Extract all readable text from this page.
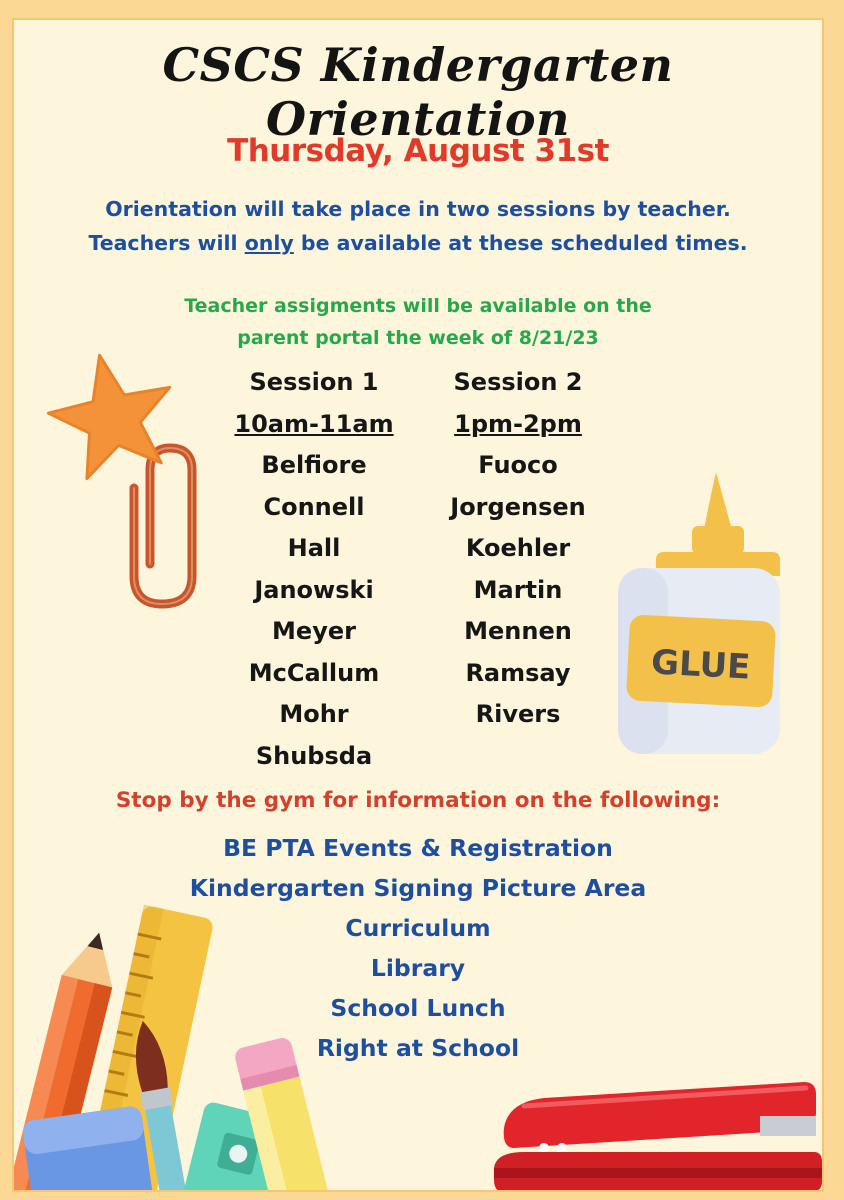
CSCS Kindergarten Orientation
Thursday, August 31st
Orientation will take place in two sessions by teacher.
Teachers will only be available at these scheduled times.
Teacher assigments will be available on the
parent portal the week of 8/21/23
Session 1
10am-11am
Belfiore
Connell
Hall
Janowski
Meyer
McCallum
Mohr
Shubsda
Session 2
1pm-2pm
Fuoco
Jorgensen
Koehler
Martin
Mennen
Ramsay
Rivers
Stop by the gym for information on the following:
BE PTA Events & Registration
Kindergarten Signing Picture Area
Curriculum
Library
School Lunch
Right at School
GLUE
